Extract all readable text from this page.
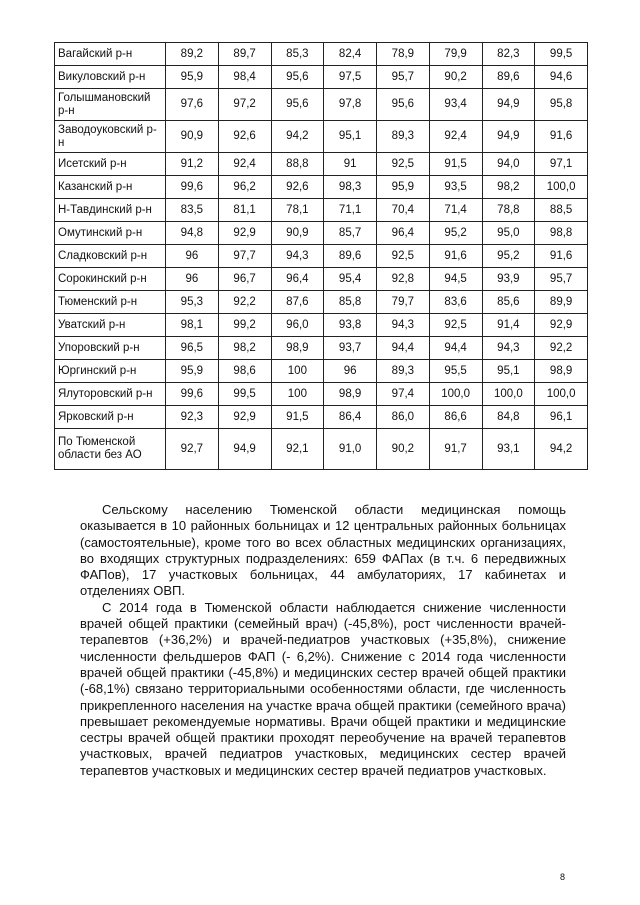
Вагайский р-н	89,2	89,7	85,3	82,4	78,9	79,9	82,3	99,5
Викуловский р-н	95,9	98,4	95,6	97,5	95,7	90,2	89,6	94,6
Голышмановский р-н	97,6	97,2	95,6	97,8	95,6	93,4	94,9	95,8
Заводоуковский р-н	90,9	92,6	94,2	95,1	89,3	92,4	94,9	91,6
Исетский р-н	91,2	92,4	88,8	91	92,5	91,5	94,0	97,1
Казанский р-н	99,6	96,2	92,6	98,3	95,9	93,5	98,2	100,0
Н-Тавдинский р-н	83,5	81,1	78,1	71,1	70,4	71,4	78,8	88,5
Омутинский р-н	94,8	92,9	90,9	85,7	96,4	95,2	95,0	98,8
Сладковский р-н	96	97,7	94,3	89,6	92,5	91,6	95,2	91,6
Сорокинский р-н	96	96,7	96,4	95,4	92,8	94,5	93,9	95,7
Тюменский р-н	95,3	92,2	87,6	85,8	79,7	83,6	85,6	89,9
Уватский р-н	98,1	99,2	96,0	93,8	94,3	92,5	91,4	92,9
Упоровский р-н	96,5	98,2	98,9	93,7	94,4	94,4	94,3	92,2
Юргинский р-н	95,9	98,6	100	96	89,3	95,5	95,1	98,9
Ялуторовский р-н	99,6	99,5	100	98,9	97,4	100,0	100,0	100,0
Ярковский р-н	92,3	92,9	91,5	86,4	86,0	86,6	84,8	96,1
По Тюменской области без АО	92,7	94,9	92,1	91,0	90,2	91,7	93,1	94,2

Сельскому населению Тюменской области медицинская помощь оказывается в 10 районных больницах и 12 центральных районных больницах (самостоятельные), кроме того во всех областных медицинских организациях, во входящих структурных подразделениях: 659 ФАПах (в т.ч. 6 передвижных ФАПов), 17 участковых больницах, 44 амбулаториях, 17 кабинетах и отделениях ОВП.

С 2014 года в Тюменской области наблюдается снижение численности врачей общей практики (семейный врач) (-45,8%), рост численности врачей-терапевтов (+36,2%) и врачей-педиатров участковых (+35,8%), снижение численности фельдшеров ФАП (- 6,2%). Снижение с 2014 года численности врачей общей практики (-45,8%) и медицинских сестер врачей общей практики (-68,1%) связано территориальными особенностями области, где численность прикрепленного населения на участке врача общей практики (семейного врача) превышает рекомендуемые нормативы. Врачи общей практики и медицинские сестры врачей общей практики проходят переобучение на врачей терапевтов участковых, врачей педиатров участковых, медицинских сестер врачей терапевтов участковых и медицинских сестер врачей педиатров участковых.

8
